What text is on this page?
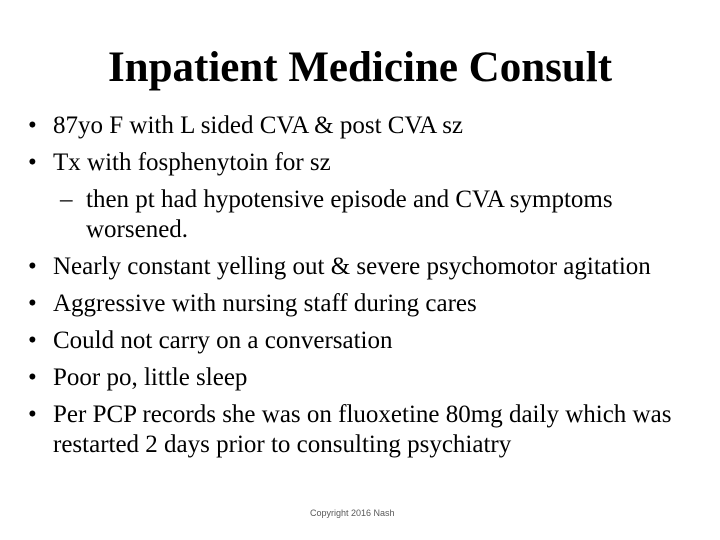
Inpatient Medicine Consult
• 87yo F with L sided CVA & post CVA sz
• Tx with fosphenytoin for sz
– then pt had hypotensive episode and CVA symptoms worsened.
• Nearly constant yelling out & severe psychomotor agitation
• Aggressive with nursing staff during cares
• Could not carry on a conversation
• Poor po, little sleep
• Per PCP records she was on fluoxetine 80mg daily which was restarted 2 days prior to consulting psychiatry
Copyright 2016 Nash
